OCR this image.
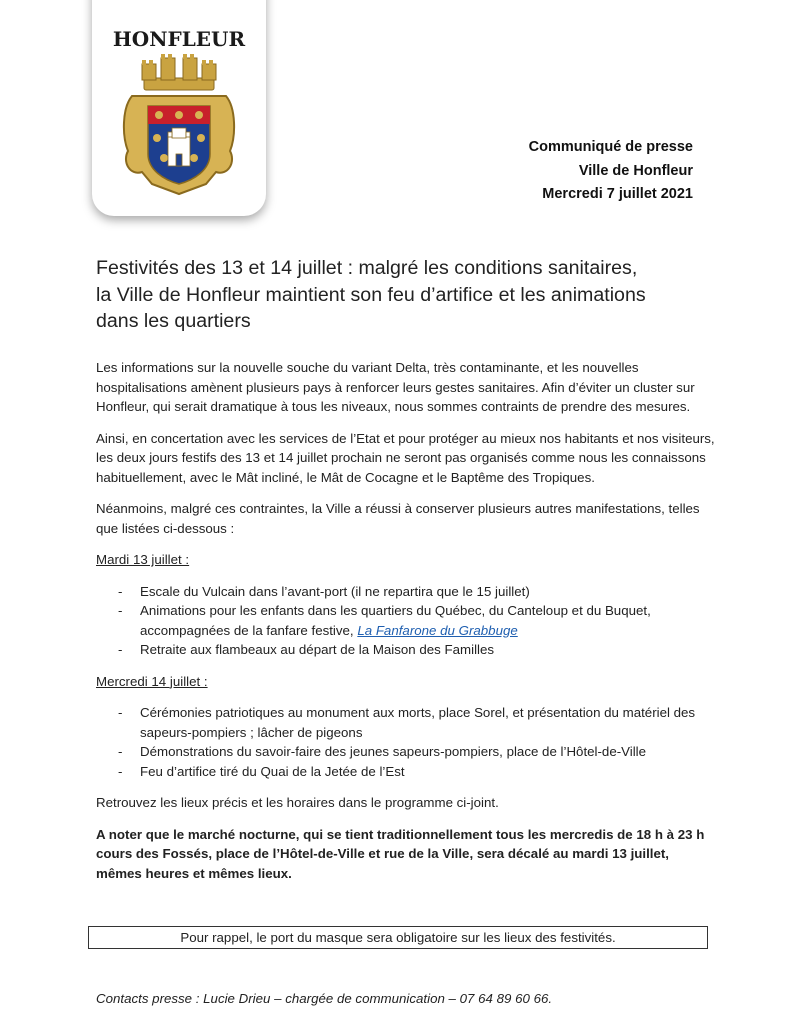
HONFLEUR
Communiqué de presse
Ville de Honfleur
Mercredi 7 juillet 2021
Festivités des 13 et 14 juillet : malgré les conditions sanitaires,
la Ville de Honfleur maintient son feu d’artifice et les animations
dans les quartiers

Les informations sur la nouvelle souche du variant Delta, très contaminante, et les nouvelles hospitalisations amènent plusieurs pays à renforcer leurs gestes sanitaires. Afin d’éviter un cluster sur Honfleur, qui serait dramatique à tous les niveaux, nous sommes contraints de prendre des mesures.

Ainsi, en concertation avec les services de l’Etat et pour protéger au mieux nos habitants et nos visiteurs, les deux jours festifs des 13 et 14 juillet prochain ne seront pas organisés comme nous les connaissons habituellement, avec le Mât incliné, le Mât de Cocagne et le Baptême des Tropiques.

Néanmoins, malgré ces contraintes, la Ville a réussi à conserver plusieurs autres manifestations, telles que listées ci-dessous :

Mardi 13 juillet :
- Escale du Vulcain dans l’avant-port (il ne repartira que le 15 juillet)
- Animations pour les enfants dans les quartiers du Québec, du Canteloup et du Buquet, accompagnées de la fanfare festive, La Fanfarone du Grabbuge
- Retraite aux flambeaux au départ de la Maison des Familles
Mercredi 14 juillet :
- Cérémonies patriotiques au monument aux morts, place Sorel, et présentation du matériel des sapeurs-pompiers ; lâcher de pigeons
- Démonstrations du savoir-faire des jeunes sapeurs-pompiers, place de l’Hôtel-de-Ville
- Feu d’artifice tiré du Quai de la Jetée de l’Est

Retrouvez les lieux précis et les horaires dans le programme ci-joint.

A noter que le marché nocturne, qui se tient traditionnellement tous les mercredis de 18 h à 23 h cours des Fossés, place de l’Hôtel-de-Ville et rue de la Ville, sera décalé au mardi 13 juillet, mêmes heures et mêmes lieux.

Pour rappel, le port du masque sera obligatoire sur les lieux des festivités.
Contacts presse : Lucie Drieu – chargée de communication – 07 64 89 60 66.
